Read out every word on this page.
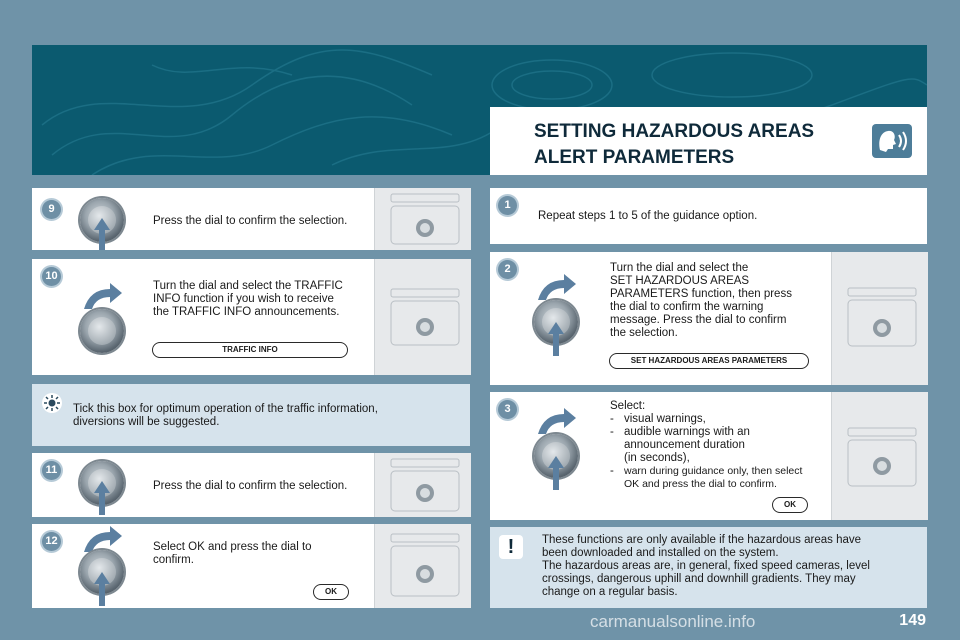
SETTING HAZARDOUS AREAS
ALERT PARAMETERS
9
Press the dial to confirm the selection.
10
Turn the dial and select the TRAFFIC
INFO function if you wish to receive
the TRAFFIC INFO announcements.
TRAFFIC INFO
Tick this box for optimum operation of the traffic information,
diversions will be suggested.
11
Press the dial to confirm the selection.
12	Select OK and press the dial to
confirm.
OK
1
Repeat steps 1 to 5 of the guidance option.
2	Turn the dial and select the
SET HAZARDOUS AREAS
PARAMETERS function, then press
the dial to confirm the warning
message. Press the dial to confirm
the selection.
SET HAZARDOUS AREAS PARAMETERS
3	Select:
- visual warnings,
- audible warnings with an
announcement duration
(in seconds),
- warn during guidance only, then select
OK and press the dial to confirm.
OK
!	These functions are only available if the hazardous areas have
been downloaded and installed on the system.
The hazardous areas are, in general, fixed speed cameras, level
crossings, dangerous uphill and downhill gradients. They may
change on a regular basis.
carmanualsonline.info	149
